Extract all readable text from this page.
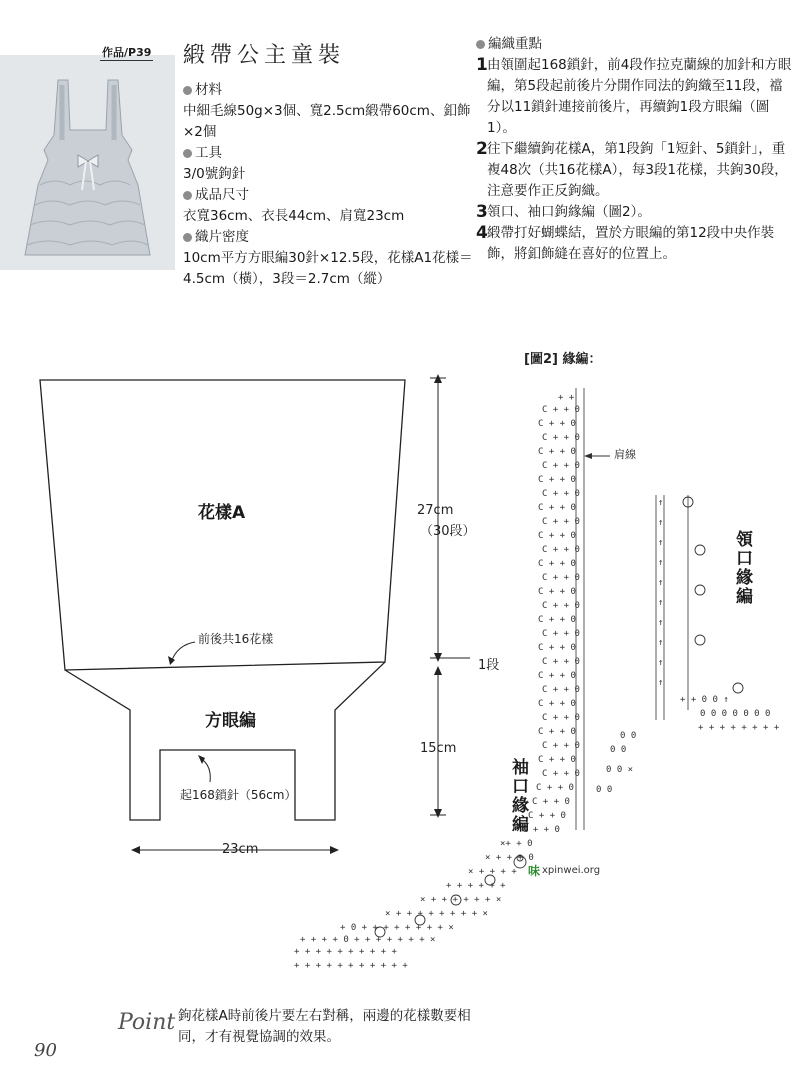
作品/P39 緞帶公主童裝
材料
中細毛線50g×3個、寬2.5cm緞帶60cm、釦飾×2個
工具
3/0號鉤針
成品尺寸
衣寬36cm、衣長44cm、肩寬23cm
織片密度
10cm平方方眼編30針×12.5段，花樣A1花樣＝4.5cm（橫），3段＝2.7cm（縱）
編織重點
1 由領圍起168鎖針，前4段作拉克蘭線的加針和方眼編，第5段起前後片分開作同法的鉤織至11段，襠分以11鎖針連接前後片，再續鉤1段方眼編（圖1）。
2 往下繼續鉤花樣A，第1段鉤「1短針、5鎖針」，重複48次（共16花樣A），每3段1花樣，共鉤30段，注意要作正反鉤織。
3 領口、袖口鉤緣編（圖2）。
4 緞帶打好蝴蝶結，置於方眼編的第12段中央作裝飾，將釦飾縫在喜好的位置上。
花樣A
前後共16花樣
方眼編
起168鎖針（56cm）
27cm
（30段）
1段
15cm
23cm
[圖2] 緣編：
+ +
C + + 0
C + + 0
C + + 0
C + + 0
C + + 0
C + + 0
C + + 0
C + + 0
C + + 0
C + + 0
C + + 0
C + + 0
C + + 0
C + + 0
C + + 0
C + + 0
C + + 0
C + + 0
C + + 0
C + + 0
C + + 0
C + + 0
C + + 0
C + + 0
C + + 0
C + + 0
C + + 0
C + + 0
C + + 0
C + + 0
C + + 0
×+ + 0
× + + + 0
× + + + +
+ + + + + +
× + + + + + + ×
× + + + + + + + + ×
+ 0 + + + + + + + + ×
+ + + + 0 + + + + + + + ×
+ + + + + + + + + +
+ + + + + + + + + + +
↑
↑
↑
↑
↑
↑
↑
↑
↑
↑
+ + 0 0 ↑
0 0 0 0 0 0 0
+ + + + + + + +
0 0
0 0
0 0 ×
0 0
肩線
領口緣編
袖口緣編
味 xpinwei.org
Point 鉤花樣A時前後片要左右對稱，兩邊的花樣數要相同，才有視覺協調的效果。
90
